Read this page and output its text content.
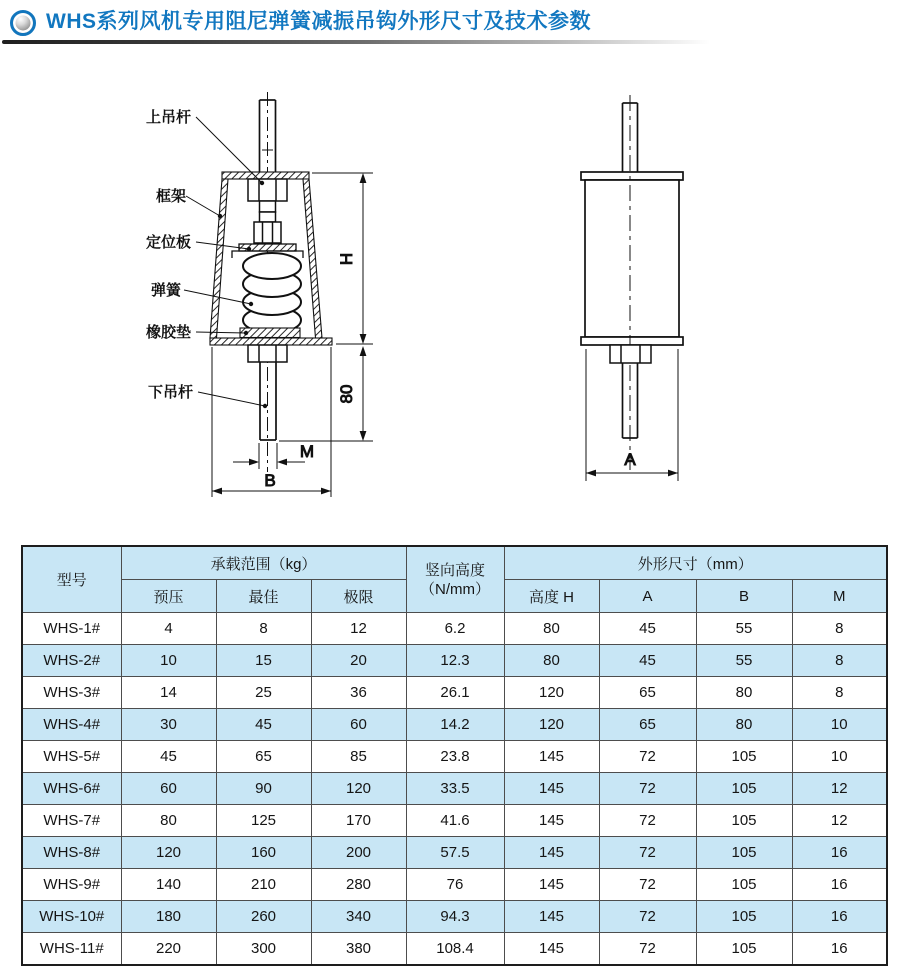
WHS系列风机专用阻尼弹簧减振吊钩外形尺寸及技术参数
上吊杆
框架
定位板
弹簧
橡胶垫
下吊杆
H
80
M
B
A
型号	承载范围（kg）			竖向高度
（N/mm）	外形尺寸（mm）			
	预压	最佳	极限		高度 H	A	B	M
WHS-1#	4	8	12	6.2	80	45	55	8
WHS-2#	10	15	20	12.3	80	45	55	8
WHS-3#	14	25	36	26.1	120	65	80	8
WHS-4#	30	45	60	14.2	120	65	80	10
WHS-5#	45	65	85	23.8	145	72	105	10
WHS-6#	60	90	120	33.5	145	72	105	12
WHS-7#	80	125	170	41.6	145	72	105	12
WHS-8#	120	160	200	57.5	145	72	105	16
WHS-9#	140	210	280	76	145	72	105	16
WHS-10#	180	260	340	94.3	145	72	105	16
WHS-11#	220	300	380	108.4	145	72	105	16
